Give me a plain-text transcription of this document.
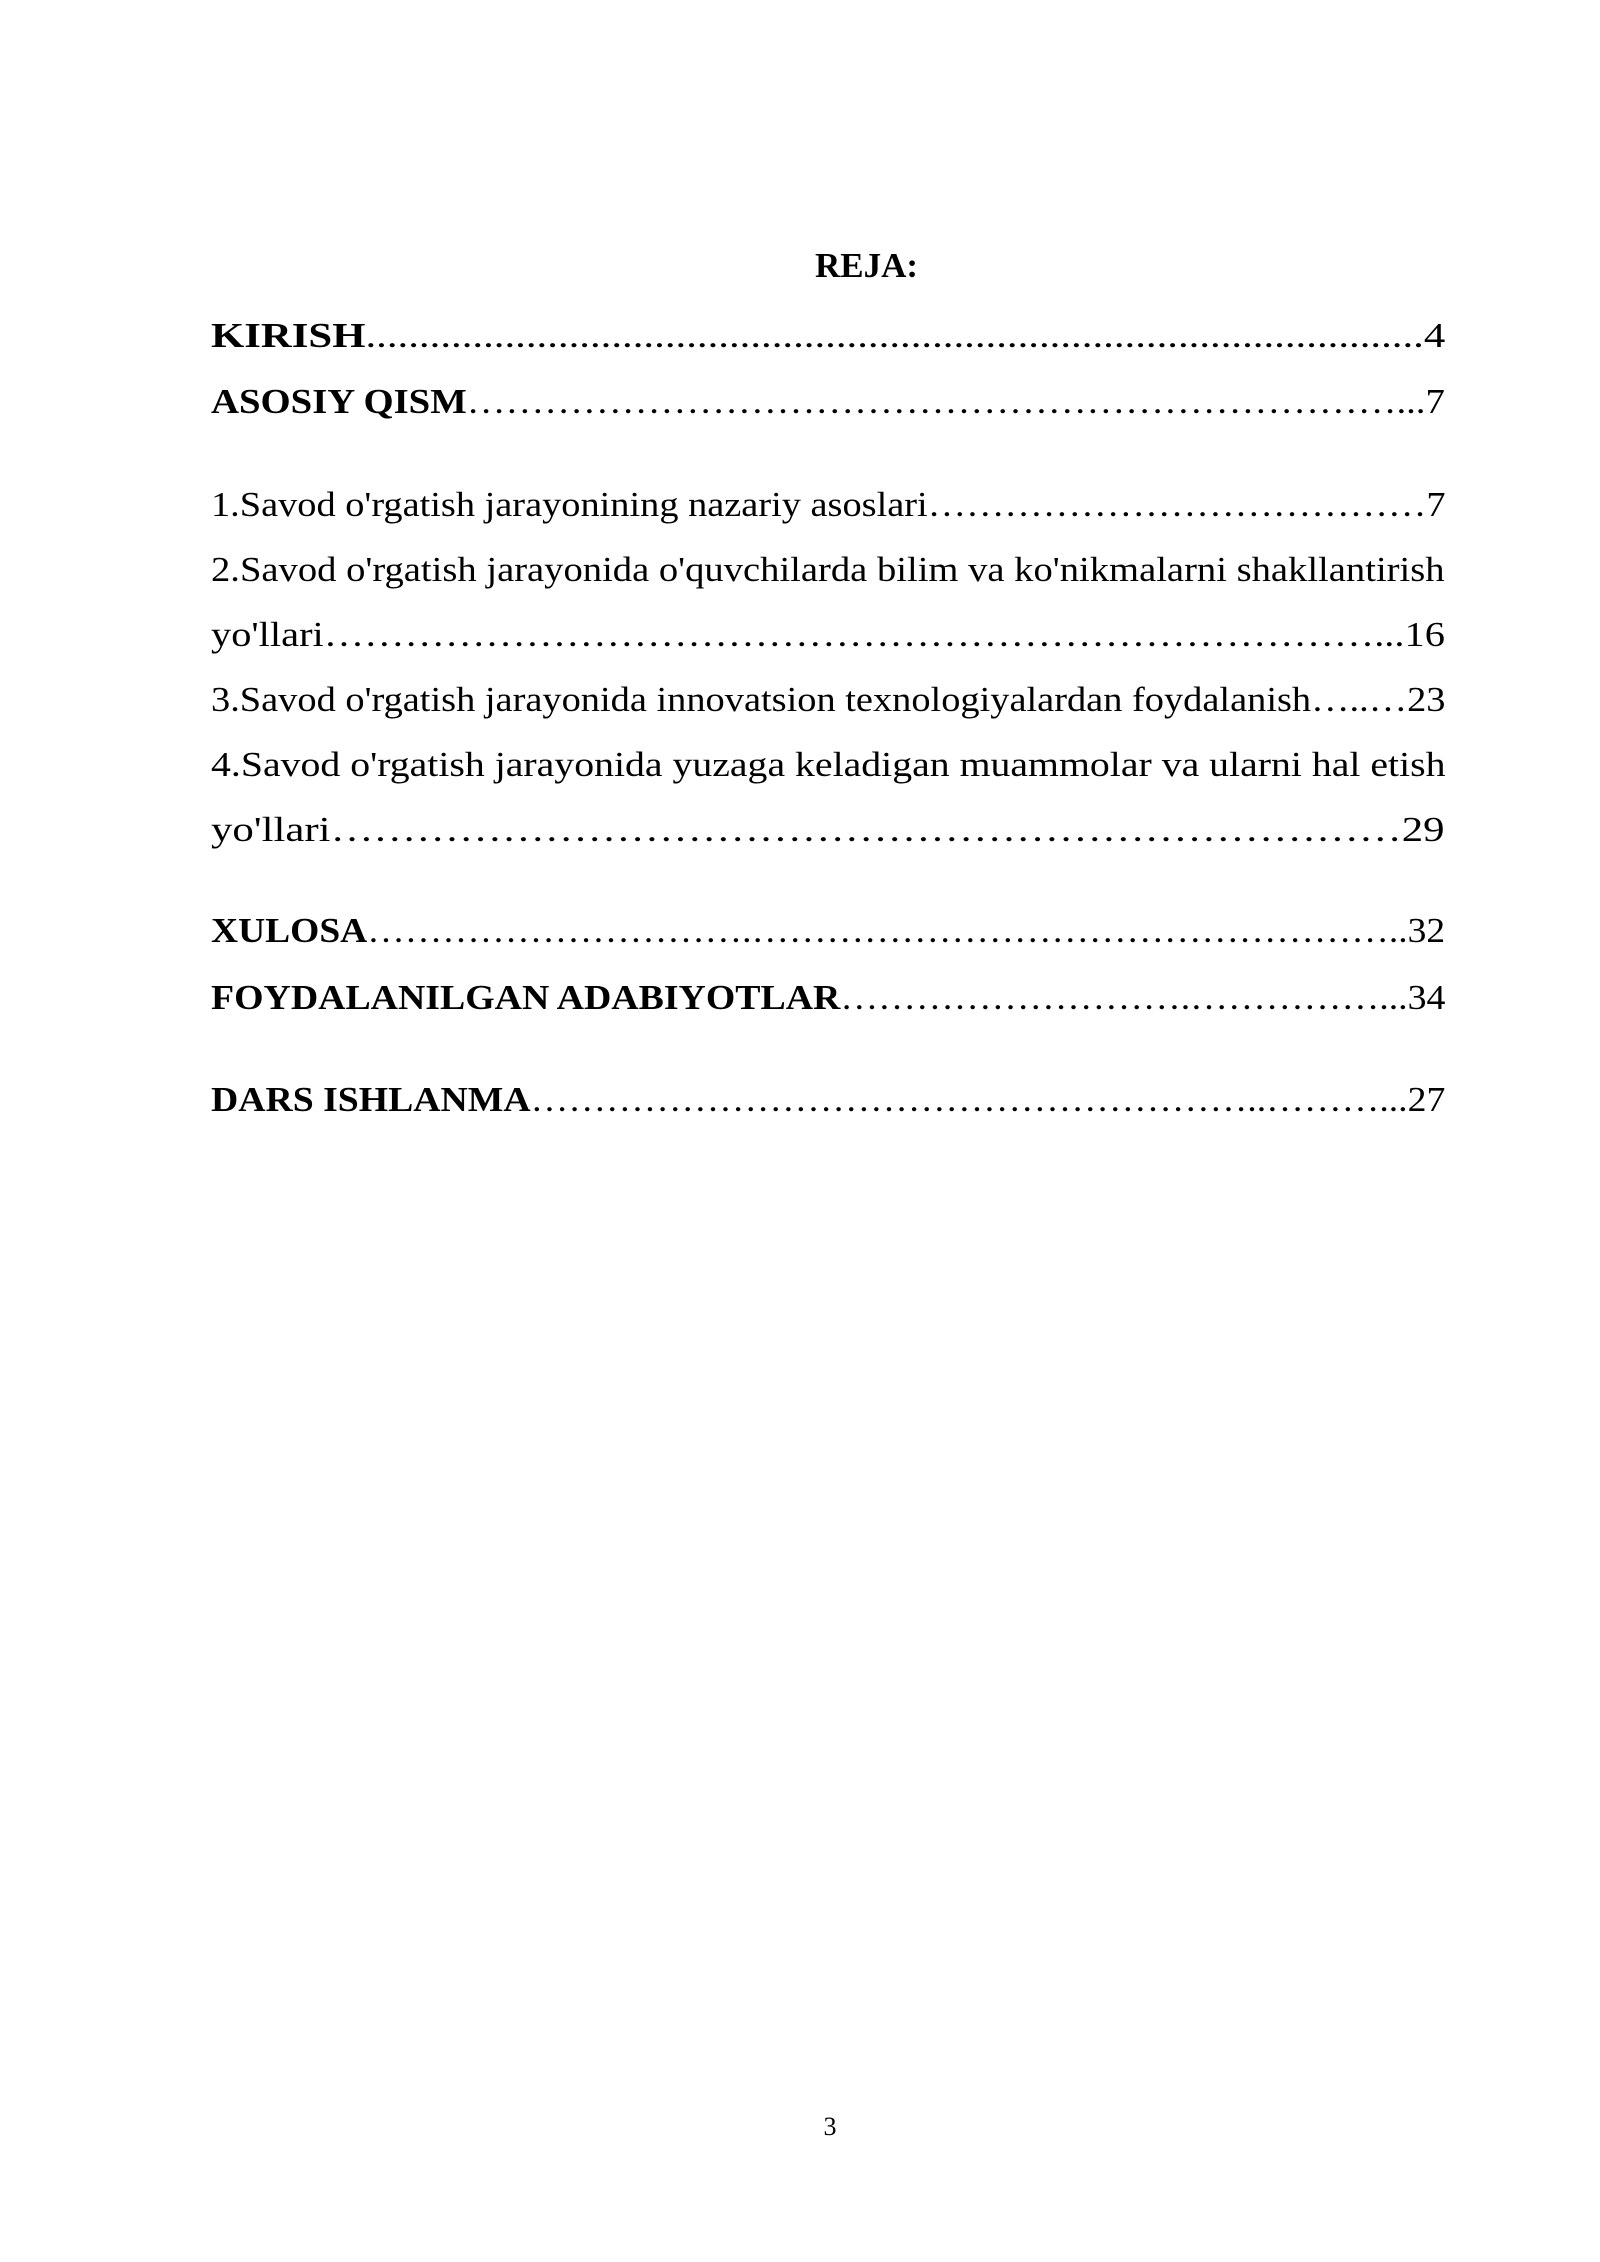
REJA:
KIRISH...................................................................................................4
ASOSIY QISM………………………………………………………………...7
1.Savod o'rgatish jarayonining nazariy asoslari…………………………………7
2.Savod o'rgatish jarayonida o'quvchilarda bilim va ko'nikmalarni shakllantirish
yo'llari……………………………………………………………………...16
3.Savod o'rgatish jarayonida innovatsion texnologiyalardan foydalanish…..…23
4.Savod o'rgatish jarayonida yuzaga keladigan muammolar va ularni hal etish
yo'llari…………………………………………………………………29
XULOSA………………………….……………………………………………..32
FOYDALANILGAN ADABIYOTLAR……………………….……………...34
DARS ISHLANMA…………………………………………………..………...27
3
